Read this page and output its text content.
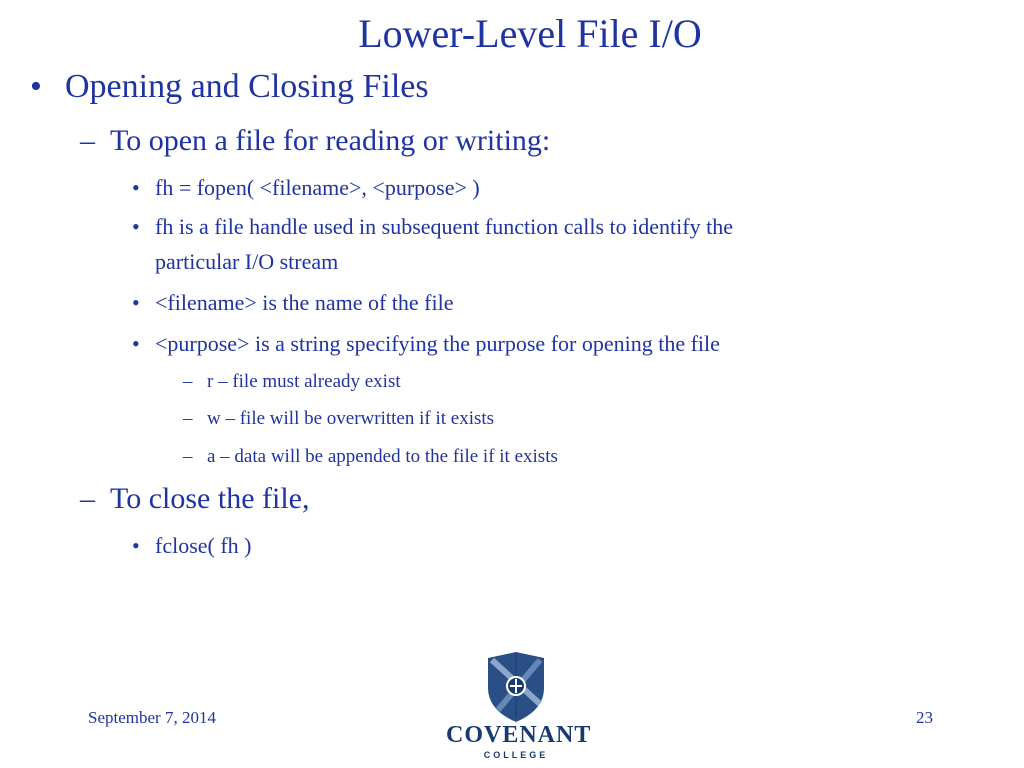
Lower-Level File I/O
• Opening and Closing Files
– To open a file for reading or writing:
• fh = fopen( <filename>, <purpose> )
• fh is a file handle used in subsequent function calls to identify the
particular I/O stream
• <filename> is the name of the file
• <purpose> is a string specifying the purpose for opening the file
– r – file must already exist
– w – file will be overwritten if it exists
– a – data will be appended to the file if it exists
– To close the file,
• fclose( fh )
September 7, 2014	23
COVENANT
COLLEGE
